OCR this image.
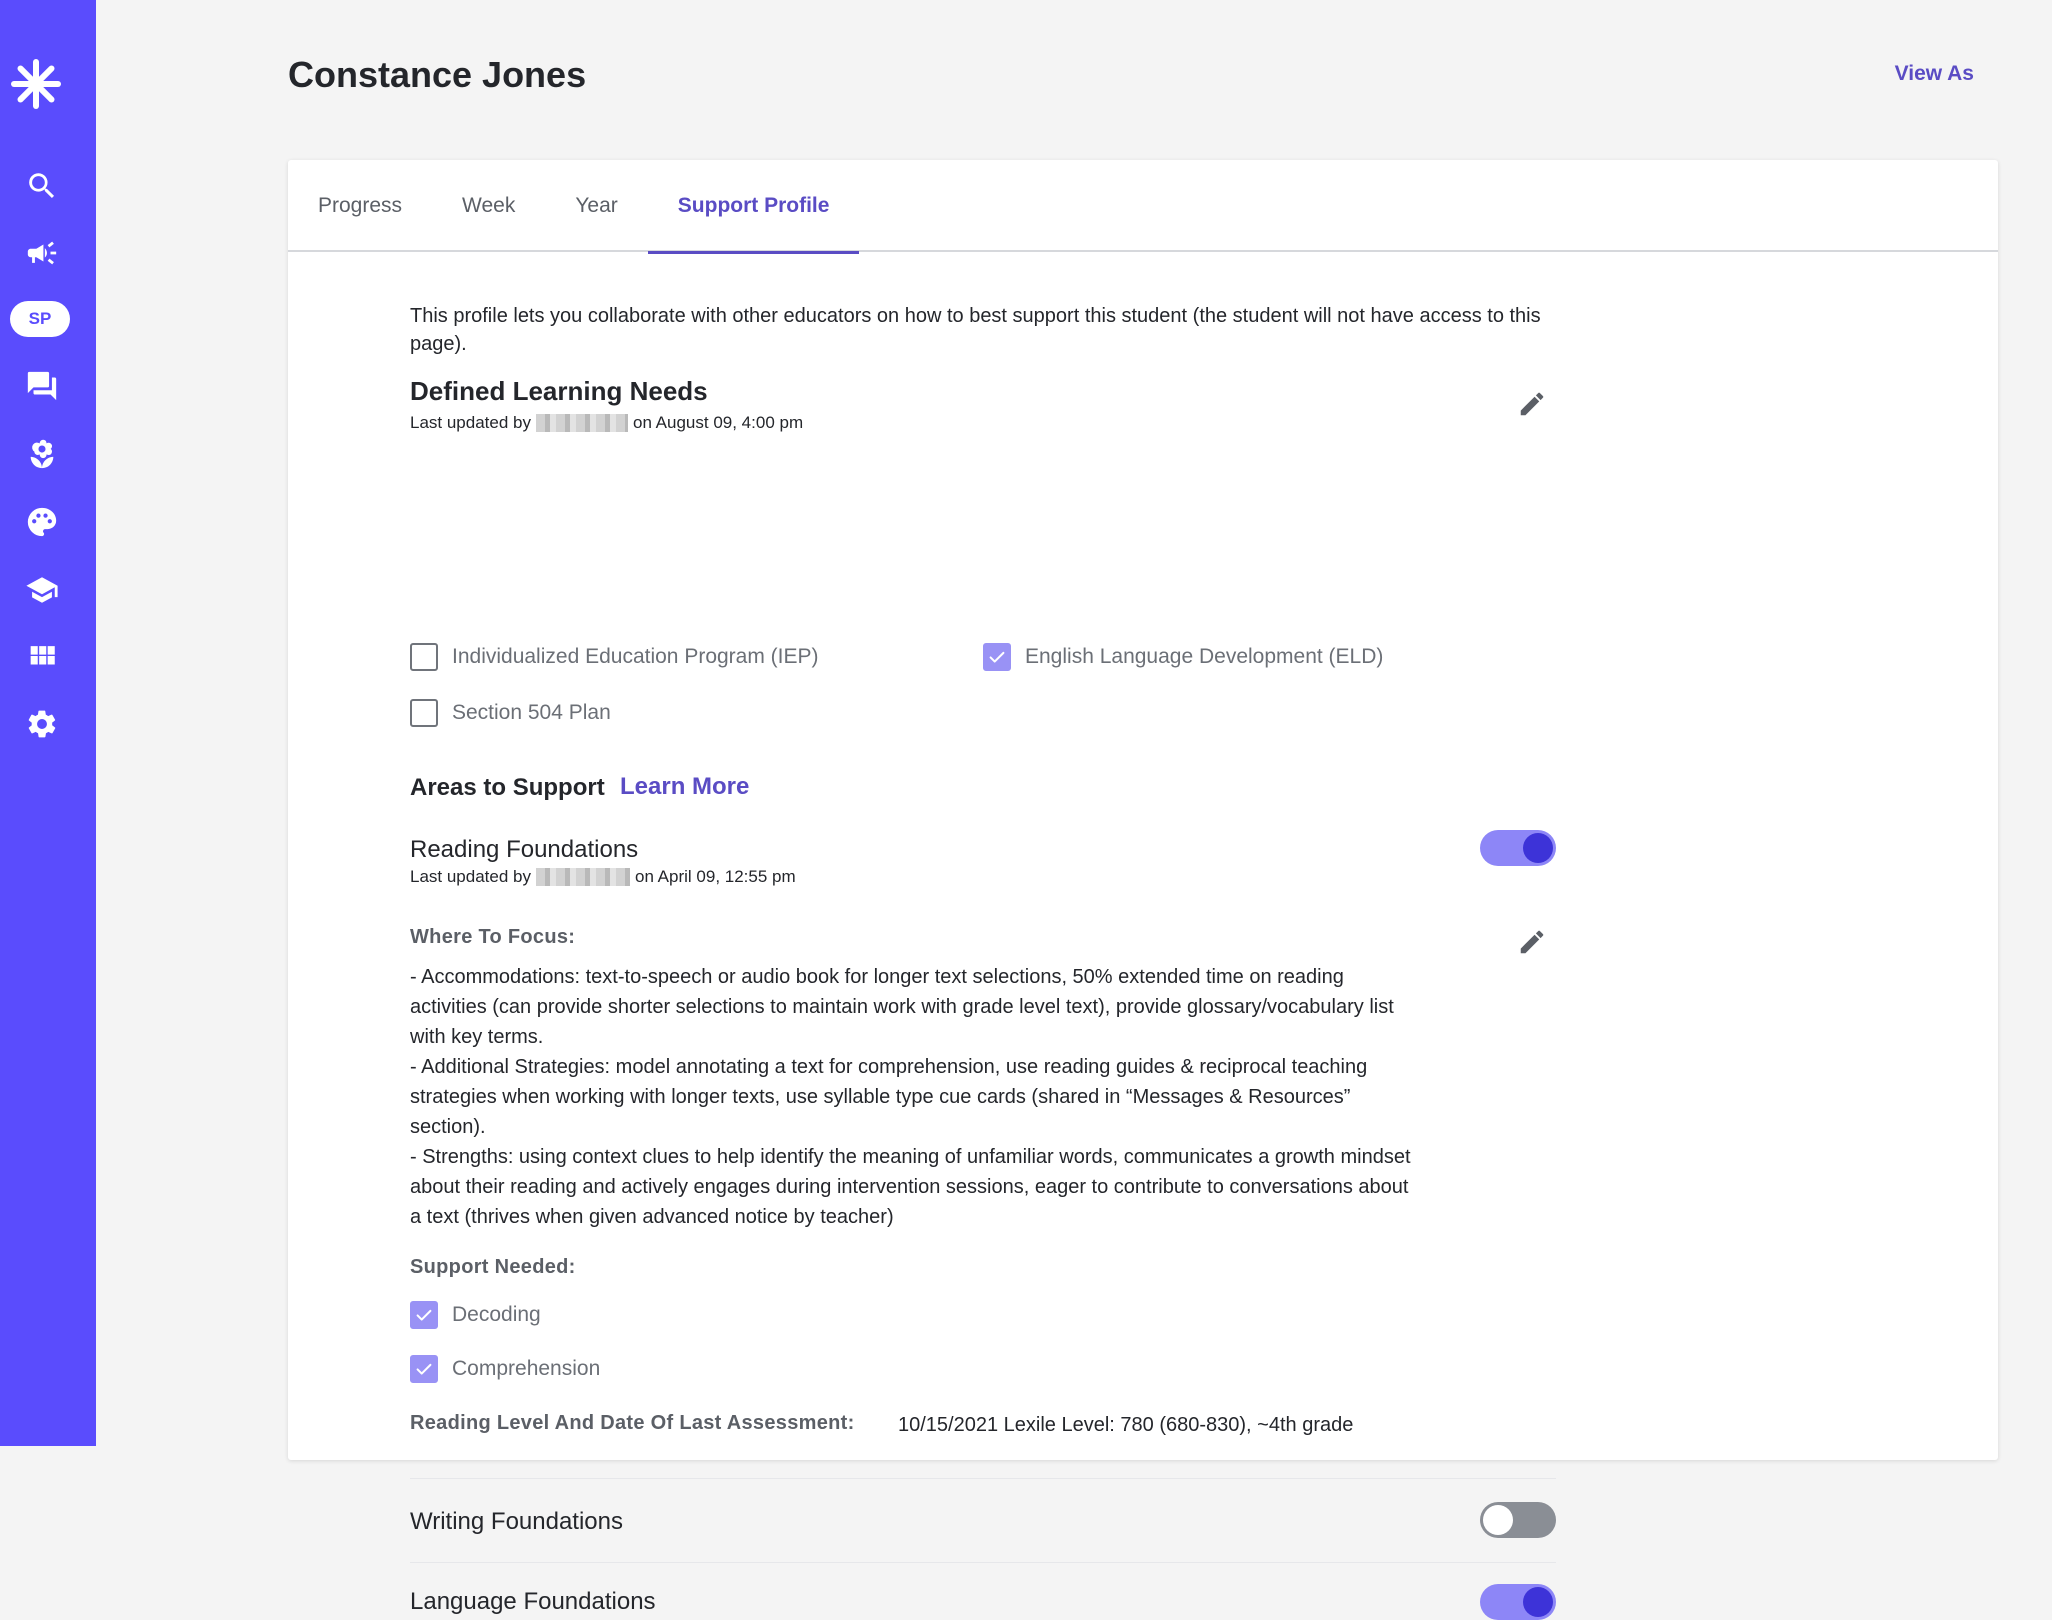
SP
Constance Jones	View As
Progress	Week	Year	Support Profile
This profile lets you collaborate with other educators on how to best support this student (the student will not have access to this page).
Defined Learning Needs
Last updated by	on August 09, 4:00 pm
Individualized Education Program (IEP)	English Language Development (ELD)
Section 504 Plan
Areas to Support Learn More
Reading Foundations
Last updated by	on April 09, 12:55 pm
Where To Focus:

- Accommodations: text-to-speech or audio book for longer text selections, 50% extended time on reading activities (can provide shorter selections to maintain work with grade level text), provide glossary/vocabulary list with key terms.

- Additional Strategies: model annotating a text for comprehension, use reading guides & reciprocal teaching strategies when working with longer texts, use syllable type cue cards (shared in “Messages & Resources” section).

- Strengths: using context clues to help identify the meaning of unfamiliar words, communicates a growth mindset about their reading and actively engages during intervention sessions, eager to contribute to conversations about a text (thrives when given advanced notice by teacher)

Support Needed:
Decoding
Comprehension
Reading Level And Date Of Last Assessment: 10/15/2021 Lexile Level: 780 (680-830), ~4th grade
Writing Foundations
Language Foundations
